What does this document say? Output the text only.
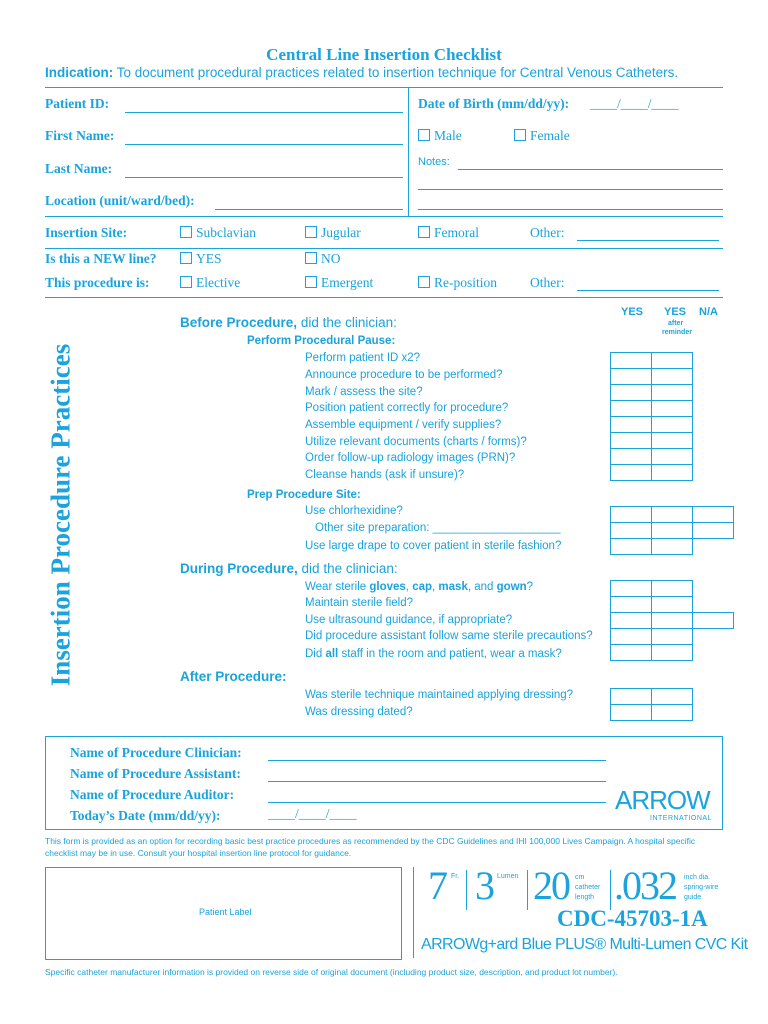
Central Line Insertion Checklist
Indication: To document procedural practices related to insertion technique for Central Venous Catheters.
Patient ID:
First Name:
Last Name:
Location (unit/ward/bed):
Date of Birth (mm/dd/yy): ____/____/____
Male	Female
Notes:
Insertion Site:	Subclavian	Jugular	Femoral	Other:
Is this a NEW line?	YES	NO
This procedure is:	Elective	Emergent	Re-position Other:
Insertion Procedure Practices
YES YES
after
reminder
N/A
Before Procedure, did the clinician:
Perform Procedural Pause:
Perform patient ID x2?
Announce procedure to be performed?
Mark / assess the site?
Position patient correctly for procedure?
Assemble equipment / verify supplies?
Utilize relevant documents (charts / forms)?
Order follow-up radiology images (PRN)?
Cleanse hands (ask if unsure)?

Prep Procedure Site:
Use chlorhexidine?
Other site preparation: ____________________
Use large drape to cover patient in sterile fashion?

During Procedure, did the clinician:
Wear sterile gloves, cap, mask, and gown?
Maintain sterile field?
Use ultrasound guidance, if appropriate?
Did procedure assistant follow same sterile precautions?
Did all staff in the room and patient, wear a mask?

After Procedure:
Was sterile technique maintained applying dressing?
Was dressing dated?

Name of Procedure Clinician:
Name of Procedure Assistant:
Name of Procedure Auditor:
Today’s Date (mm/dd/yy):	____/____/____	ARROW
INTERNATIONAL
This form is provided as an option for recording basic best practice procedures as recommended by the CDC Guidelines and IHI 100,000 Lives Campaign. A hospital specific checklist may be in use. Consult your hospital insertion line protocol for guidance.
Patient Label
7 Fr. 3 Lumen 20 cm
catheter
length .032 inch dia.
spring-wire
guide
CDC-45703-1A
ARROWg+ard Blue PLUS® Multi-Lumen CVC Kit
Specific catheter manufacturer information is provided on reverse side of original document (including product size, description, and product lot number).
